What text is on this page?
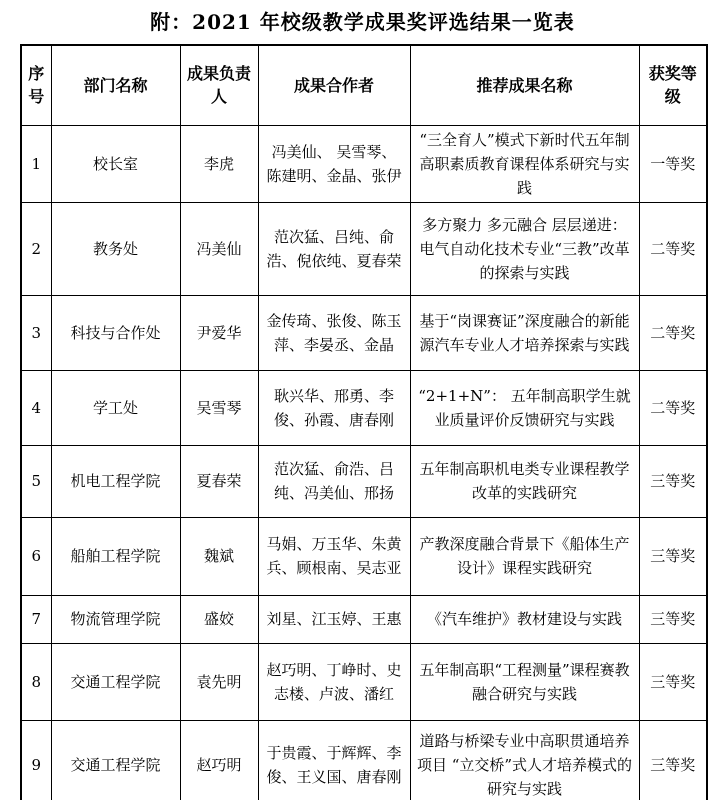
附：2021 年校级教学成果奖评选结果一览表
序号	部门名称	成果负责人	成果合作者	推荐成果名称	获奖等级
1	校长室	李虎	冯美仙、 吴雪琴、陈建明、金晶、张伊	“三全育人”模式下新时代五年制高职素质教育课程体系研究与实践	一等奖
2	教务处	冯美仙	范次猛、吕纯、俞浩、倪依纯、夏春荣	多方聚力 多元融合 层层递进：电气自动化技术专业“三教”改革的探索与实践	二等奖
3	科技与合作处	尹爱华	金传琦、张俊、陈玉萍、李晏丞、金晶	基于“岗课赛证”深度融合的新能源汽车专业人才培养探索与实践	二等奖
4	学工处	吴雪琴	耿兴华、邢勇、李俊、孙霞、唐春刚	“2+1+N”： 五年制高职学生就业质量评价反馈研究与实践	二等奖
5	机电工程学院	夏春荣	范次猛、俞浩、吕纯、冯美仙、邢扬	五年制高职机电类专业课程教学改革的实践研究	三等奖
6	船舶工程学院	魏斌	马娟、万玉华、朱黄兵、顾根南、吴志亚	产教深度融合背景下《船体生产设计》课程实践研究	三等奖
7	物流管理学院	盛姣	刘星、江玉婷、王惠	《汽车维护》教材建设与实践	三等奖
8	交通工程学院	袁先明	赵巧明、丁峥时、史志楼、卢波、潘红	五年制高职“工程测量”课程赛教融合研究与实践	三等奖
9	交通工程学院	赵巧明	于贵霞、于辉辉、李俊、王义国、唐春刚	道路与桥梁专业中高职贯通培养项目 “立交桥”式人才培养模式的研究与实践	三等奖
